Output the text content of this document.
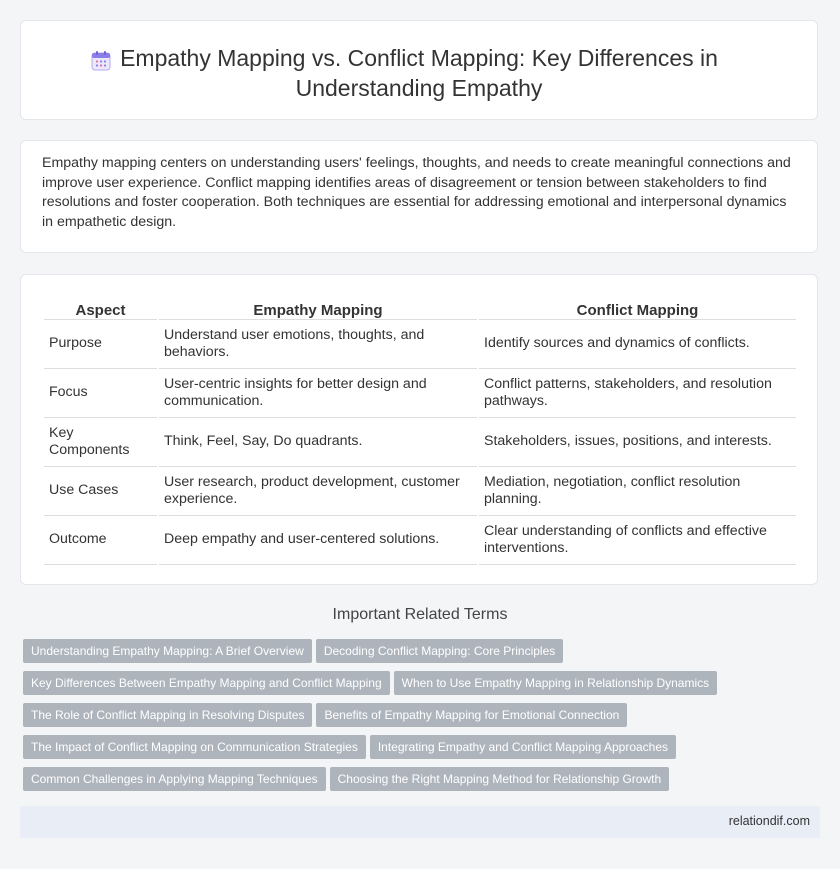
Empathy Mapping vs. Conflict Mapping: Key Differences in
Understanding Empathy

Empathy mapping centers on understanding users' feelings, thoughts, and needs to create meaningful connections and improve user experience. Conflict mapping identifies areas of disagreement or tension between stakeholders to find resolutions and foster cooperation. Both techniques are essential for addressing emotional and interpersonal dynamics in empathetic design.

Aspect	Empathy Mapping	Conflict Mapping
Purpose	Understand user emotions, thoughts, and behaviors.	Identify sources and dynamics of conflicts.
Focus	User-centric insights for better design and communication.	Conflict patterns, stakeholders, and resolution pathways.
Key Components	Think, Feel, Say, Do quadrants.	Stakeholders, issues, positions, and interests.
Use Cases	User research, product development, customer experience.	Mediation, negotiation, conflict resolution planning.
Outcome	Deep empathy and user-centered solutions.	Clear understanding of conflicts and effective interventions.
Important Related Terms
Understanding Empathy Mapping: A Brief Overview Decoding Conflict Mapping: Core Principles
Key Differences Between Empathy Mapping and Conflict Mapping When to Use Empathy Mapping in Relationship Dynamics
The Role of Conflict Mapping in Resolving Disputes Benefits of Empathy Mapping for Emotional Connection
The Impact of Conflict Mapping on Communication Strategies Integrating Empathy and Conflict Mapping Approaches
Common Challenges in Applying Mapping Techniques Choosing the Right Mapping Method for Relationship Growth
relationdif.com
